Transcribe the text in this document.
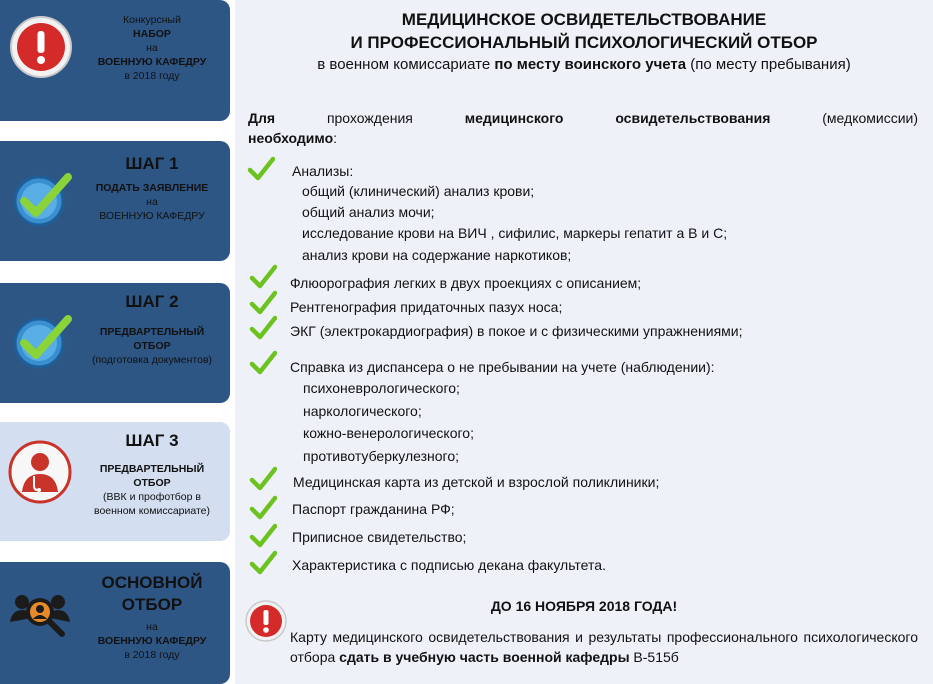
Конкурсный
НАБОР
на
ВОЕННУЮ КАФЕДРУ
в 2018 году
ШАГ 1
ПОДАТЬ ЗАЯВЛЕНИЕ
на
ВОЕННУЮ КАФЕДРУ
ШАГ 2
ПРЕДВАРТЕЛЬНЫЙ
ОТБОР
(подготовка документов)
ШАГ 3
ПРЕДВАРТЕЛЬНЫЙ
ОТБОР
(ВВК и профотбор в
военном комиссариате)
ОСНОВНОЙ
ОТБОР
на
ВОЕННУЮ КАФЕДРУ
в 2018 году
МЕДИЦИНСКОЕ ОСВИДЕТЕЛЬСТВОВАНИЕ
И ПРОФЕССИОНАЛЬНЫЙ ПСИХОЛОГИЧЕСКИЙ ОТБОР
в военном комиссариате по месту воинского учета (по месту пребывания)
Для	прохождения	медицинского	освидетельствования	(медкомиссии)
необходимо:
Анализы:
общий (клинический) анализ крови;
общий анализ мочи;
исследование крови на ВИЧ , сифилис, маркеры гепатит а В и С;
анализ крови на содержание наркотиков;
Флюорография легких в двух проекциях с описанием;
Рентгенография придаточных пазух носа;
ЭКГ (электрокардиография) в покое и с физическими упражнениями;
Справка из диспансера о не пребывании на учете (наблюдении):
психоневрологического;
наркологического;
кожно-венерологического;
противотуберкулезного;
Медицинская карта из детской и взрослой поликлиники;
Паспорт гражданина РФ;
Приписное свидетельство;
Характеристика с подписью декана факультета.
ДО 16 НОЯБРЯ 2018 ГОДА!
Карту медицинского освидетельствования и результаты профессионального психологического отбора сдать в учебную часть военной кафедры В-515б
